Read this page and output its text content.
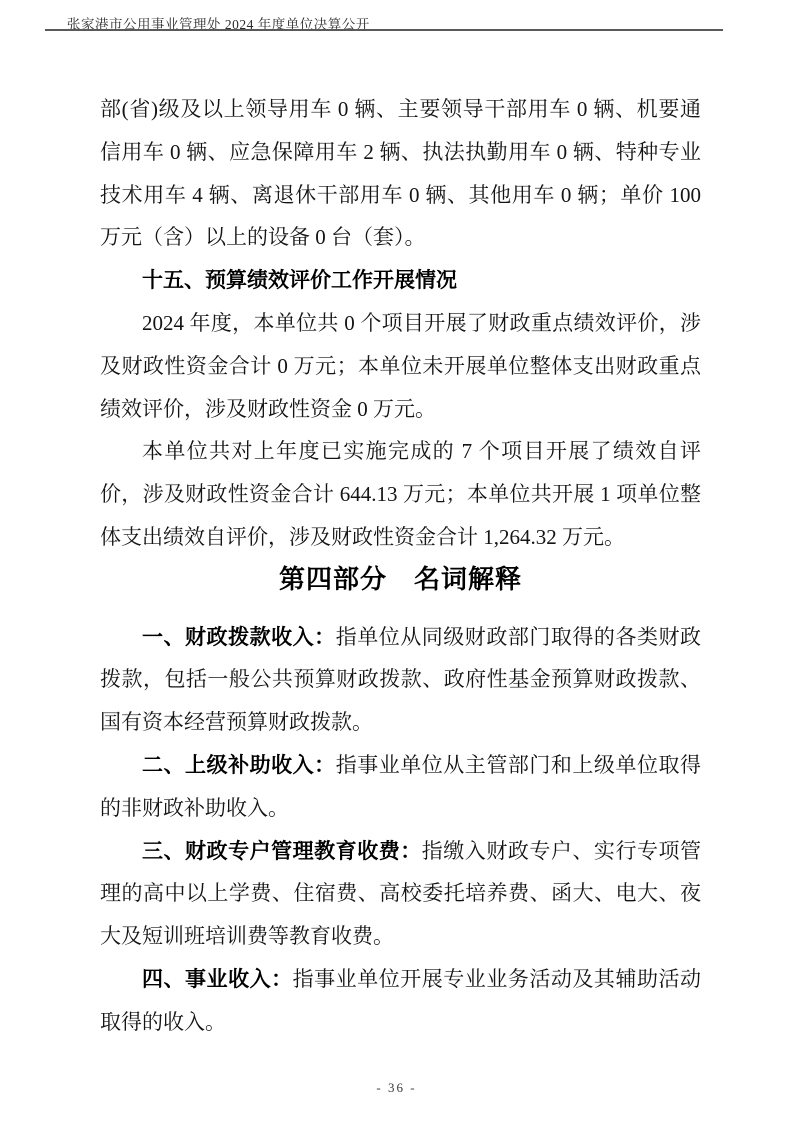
张家港市公用事业管理处 2024 年度单位决算公开

部(省)级及以上领导用车 0 辆、主要领导干部用车 0 辆、机要通信用车 0 辆、应急保障用车 2 辆、执法执勤用车 0 辆、特种专业技术用车 4 辆、离退休干部用车 0 辆、其他用车 0 辆；单价 100 万元（含）以上的设备 0 台（套）。

十五、预算绩效评价工作开展情况

2024 年度，本单位共 0 个项目开展了财政重点绩效评价，涉及财政性资金合计 0 万元；本单位未开展单位整体支出财政重点绩效评价，涉及财政性资金 0 万元。

本单位共对上年度已实施完成的 7 个项目开展了绩效自评价，涉及财政性资金合计 644.13 万元；本单位共开展 1 项单位整体支出绩效自评价，涉及财政性资金合计 1,264.32 万元。

第四部分　名词解释

一、财政拨款收入：指单位从同级财政部门取得的各类财政拨款，包括一般公共预算财政拨款、政府性基金预算财政拨款、国有资本经营预算财政拨款。

二、上级补助收入：指事业单位从主管部门和上级单位取得的非财政补助收入。

三、财政专户管理教育收费：指缴入财政专户、实行专项管理的高中以上学费、住宿费、高校委托培养费、函大、电大、夜大及短训班培训费等教育收费。

四、事业收入：指事业单位开展专业业务活动及其辅助活动取得的收入。

- 36 -
